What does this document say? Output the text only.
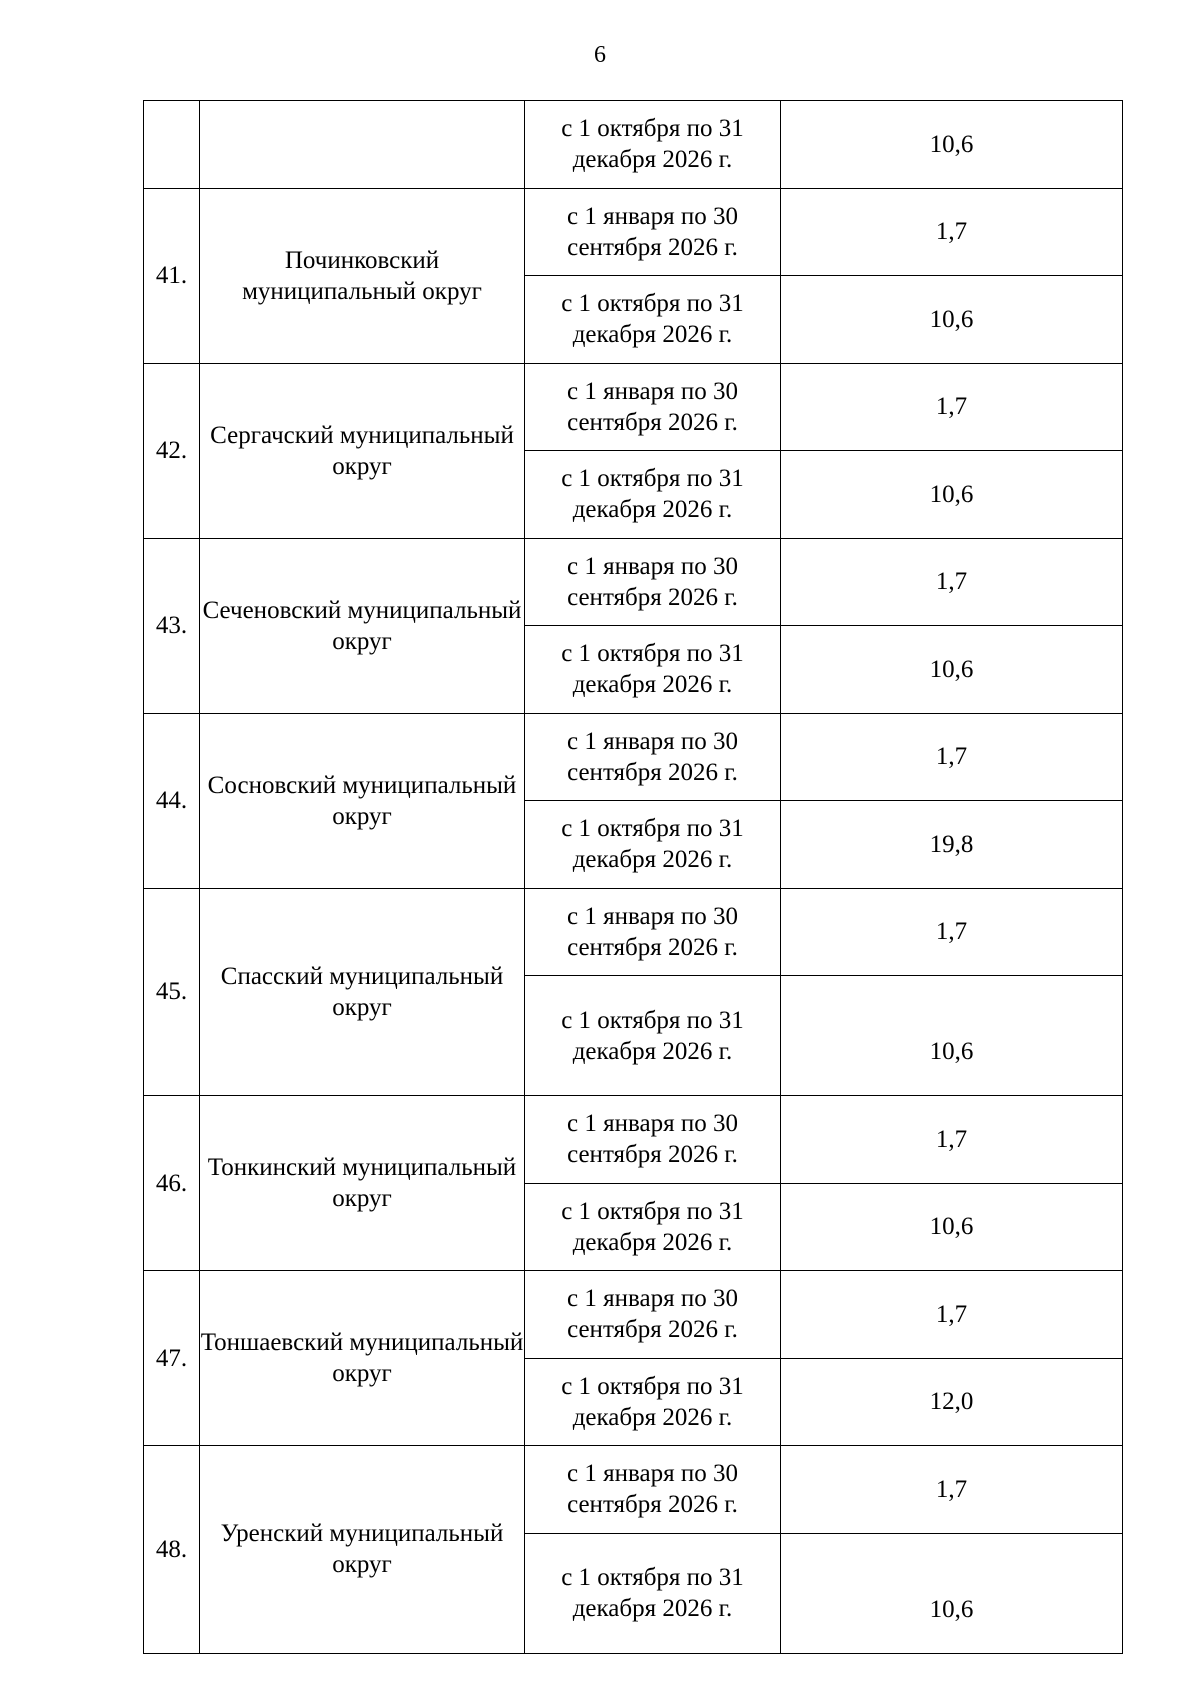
6
		с 1 октября по 31 декабря 2026 г.	10,6
41.	Починковский муниципальный округ	с 1 января по 30 сентября 2026 г.	1,7
		с 1 октября по 31 декабря 2026 г.	10,6
42.	Сергачский муниципальный округ	с 1 января по 30 сентября 2026 г.	1,7
		с 1 октября по 31 декабря 2026 г.	10,6
43.	Сеченовский муниципальный округ	с 1 января по 30 сентября 2026 г.	1,7
		с 1 октября по 31 декабря 2026 г.	10,6
44.	Сосновский муниципальный округ	с 1 января по 30 сентября 2026 г.	1,7
		с 1 октября по 31 декабря 2026 г.	19,8
45.	Спасский муниципальный округ	с 1 января по 30 сентября 2026 г.	1,7
		с 1 октября по 31 декабря 2026 г.	10,6
46.	Тонкинский муниципальный округ	с 1 января по 30 сентября 2026 г.	1,7
		с 1 октября по 31 декабря 2026 г.	10,6
47.	Тоншаевский муниципальный округ	с 1 января по 30 сентября 2026 г.	1,7
		с 1 октября по 31 декабря 2026 г.	12,0
48.	Уренский муниципальный округ	с 1 января по 30 сентября 2026 г.	1,7
		с 1 октября по 31 декабря 2026 г.	10,6
